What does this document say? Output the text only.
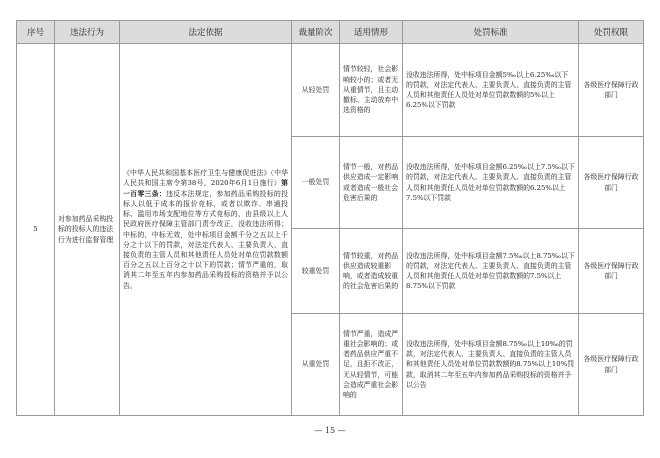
序号	违法行为	法定依据	裁量阶次	适用情形	处罚标准	处罚权限
5	对参加药品采购投标的投标人的违法行为进行监督管理	《中华人民共和国基本医疗卫生与健康促进法》（中华人民共和国主席令第38号，2020年6月1日施行）第一百零三条：违反本法规定，参加药品采购投标的投标人以低于成本的报价竞标，或者以欺诈、串通投标、滥用市场支配地位等方式竞标的，由县级以上人民政府医疗保障主管部门责令改正，没收违法所得；中标的，中标无效，处中标项目金额千分之五以上千分之十以下的罚款，对法定代表人、主要负责人、直接负责的主管人员和其他责任人员处对单位罚款数额百分之五以上百分之十以下的罚款；情节严重的，取消其二年至五年内参加药品采购投标的资格并予以公告。	从轻处罚	情节较轻，社会影响较小的；或者无从重情节，且主动撤标、主动放弃中选资格的	没收违法所得，处中标项目金额5‰以上6.25‰以下的罚款，对法定代表人、主要负责人、直接负责的主管人员和其他责任人员处对单位罚款数额的5%以上6.25%以下罚款	各级医疗保障行政部门
			一般处罚	情节一般，对药品供应造成一定影响或者造成一般社会危害后果的	没收违法所得，处中标项目金额6.25‰以上7.5‰以下的罚款，对法定代表人、主要负责人、直接负责的主管人员和其他责任人员处对单位罚款数额的6.25%以上7.5%以下罚款	各级医疗保障行政部门
			较重处罚	情节较重，对药品供应造成较重影响，或者造成较重的社会危害后果的	没收违法所得，处中标项目金额7.5‰以上8.75‰以下的罚款，对法定代表人、主要负责人、直接负责的主管人员和其他责任人员处对单位罚款数额的7.5%以上8.75%以下罚款	各级医疗保障行政部门
			从重处罚	情节严重，造成严重社会影响的；或者药品供应严重不足，且拒不改正，无从轻情节，可能会造成严重社会影响的	没收违法所得，处中标项目金额8.75‰以上10‰的罚款，对法定代表人、主要负责人、直接负责的主管人员和其他责任人员处对单位罚款数额的8.75%以上10%罚款，取消其二年至五年内参加药品采购投标的资格并予以公告	各级医疗保障行政部门
— 15 —
